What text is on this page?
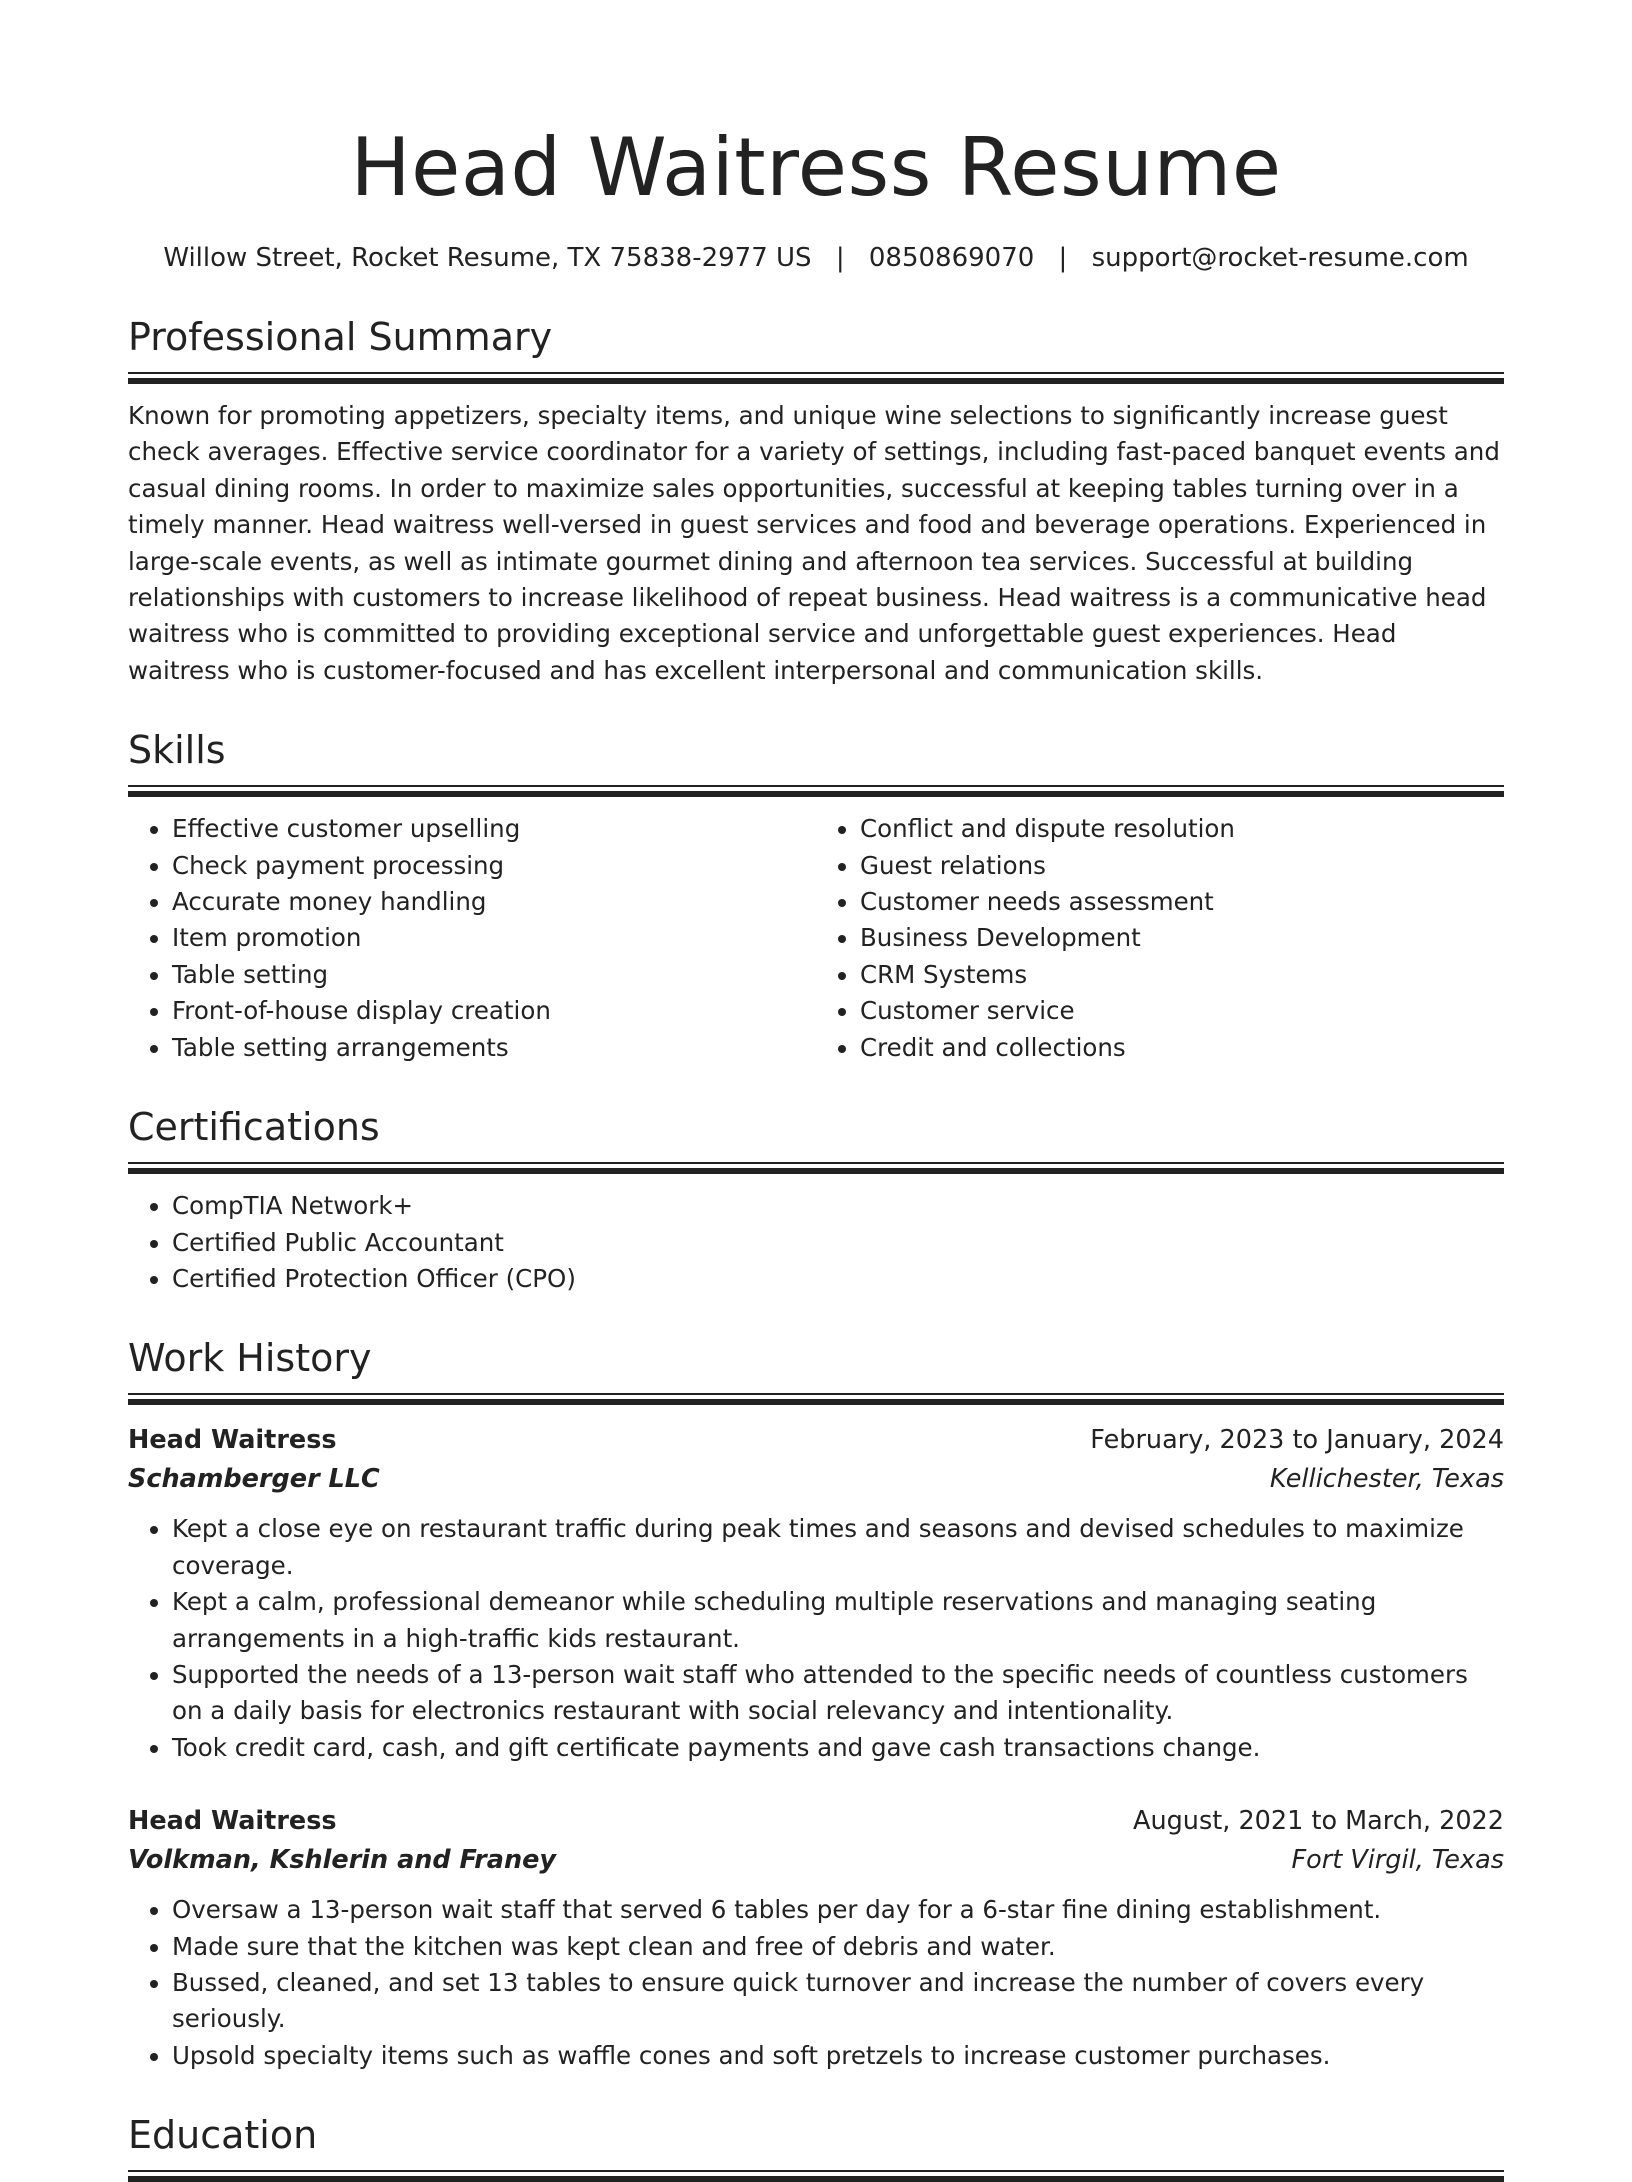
Head Waitress Resume
Willow Street, Rocket Resume, TX 75838-2977 US | 0850869070 | support@rocket-resume.com
Professional Summary
Known for promoting appetizers, specialty items, and unique wine selections to significantly increase guest check averages. Effective service coordinator for a variety of settings, including fast-paced banquet events and casual dining rooms. In order to maximize sales opportunities, successful at keeping tables turning over in a timely manner. Head waitress well-versed in guest services and food and beverage operations. Experienced in large-scale events, as well as intimate gourmet dining and afternoon tea services. Successful at building relationships with customers to increase likelihood of repeat business. Head waitress is a communicative head waitress who is committed to providing exceptional service and unforgettable guest experiences. Head waitress who is customer-focused and has excellent interpersonal and communication skills.
Skills
• Effective customer upselling
• Check payment processing
• Accurate money handling
• Item promotion
• Table setting
• Front-of-house display creation
• Table setting arrangements
• Conflict and dispute resolution
• Guest relations
• Customer needs assessment
• Business Development
• CRM Systems
• Customer service
• Credit and collections
Certifications
• CompTIA Network+
• Certified Public Accountant
• Certified Protection Officer (CPO)
Work History
Head Waitress	February, 2023 to January, 2024
Schamberger LLC	Kellichester, Texas
• Kept a close eye on restaurant traffic during peak times and seasons and devised schedules to maximize coverage.
• Kept a calm, professional demeanor while scheduling multiple reservations and managing seating arrangements in a high-traffic kids restaurant.
• Supported the needs of a 13-person wait staff who attended to the specific needs of countless customers on a daily basis for electronics restaurant with social relevancy and intentionality.
• Took credit card, cash, and gift certificate payments and gave cash transactions change.
Head Waitress	August, 2021 to March, 2022
Volkman, Kshlerin and Franey	Fort Virgil, Texas
• Oversaw a 13-person wait staff that served 6 tables per day for a 6-star fine dining establishment.
• Made sure that the kitchen was kept clean and free of debris and water.
• Bussed, cleaned, and set 13 tables to ensure quick turnover and increase the number of covers every seriously.
• Upsold specialty items such as waffle cones and soft pretzels to increase customer purchases.
Education
